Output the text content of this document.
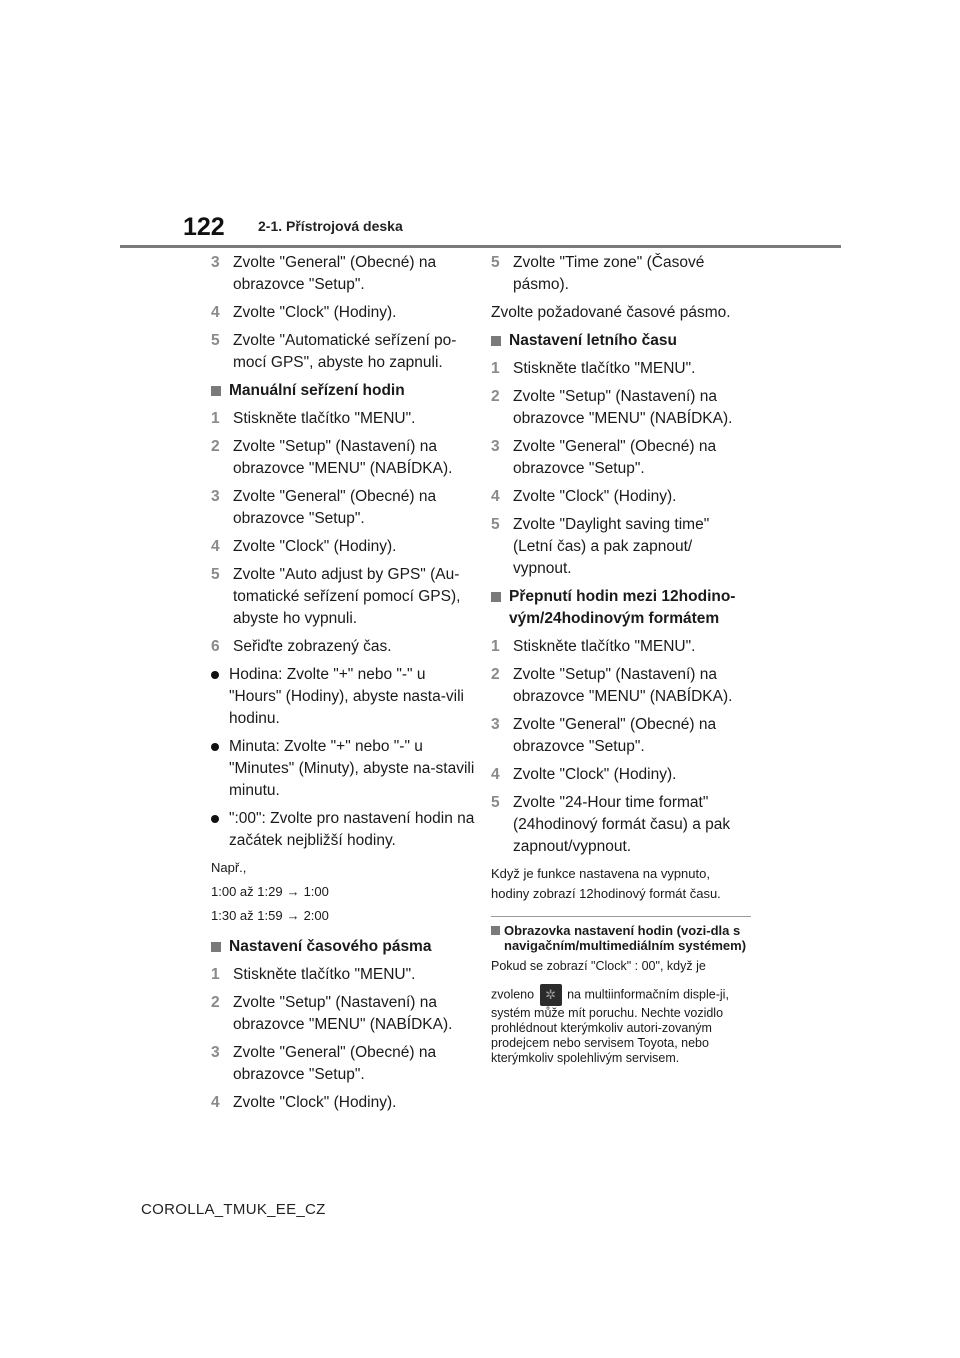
122 2-1. Přístrojová deska
3 Zvolte "General" (Obecné) na obrazovce "Setup".
4 Zvolte "Clock" (Hodiny).
5 Zvolte "Automatické seřízení po-mocí GPS", abyste ho zapnuli.
Manuální seřízení hodin
1 Stiskněte tlačítko "MENU".
2 Zvolte "Setup" (Nastavení) na obrazovce "MENU" (NABÍDKA).
3 Zvolte "General" (Obecné) na obrazovce "Setup".
4 Zvolte "Clock" (Hodiny).
5 Zvolte "Auto adjust by GPS" (Au-tomatické seřízení pomocí GPS), abyste ho vypnuli.
6 Seřiďte zobrazený čas.
Hodina: Zvolte "+" nebo "-" u "Hours" (Hodiny), abyste nasta-vili hodinu.
Minuta: Zvolte "+" nebo "-" u "Minutes" (Minuty), abyste na-stavili minutu.
":00": Zvolte pro nastavení hodin na začátek nejbližší hodiny.
Např.,
1:00 až 1:29 → 1:00
1:30 až 1:59 → 2:00
Nastavení časového pásma
1 Stiskněte tlačítko "MENU".
2 Zvolte "Setup" (Nastavení) na obrazovce "MENU" (NABÍDKA).
3 Zvolte "General" (Obecné) na obrazovce "Setup".
4 Zvolte "Clock" (Hodiny).
5 Zvolte "Time zone" (Časové pásmo).
Zvolte požadované časové pásmo.
Nastavení letního času
1 Stiskněte tlačítko "MENU".
2 Zvolte "Setup" (Nastavení) na obrazovce "MENU" (NABÍDKA).
3 Zvolte "General" (Obecné) na obrazovce "Setup".
4 Zvolte "Clock" (Hodiny).
5 Zvolte "Daylight saving time" (Letní čas) a pak zapnout/ vypnout.
Přepnutí hodin mezi 12hodino-vým/24hodinovým formátem
1 Stiskněte tlačítko "MENU".
2 Zvolte "Setup" (Nastavení) na obrazovce "MENU" (NABÍDKA).
3 Zvolte "General" (Obecné) na obrazovce "Setup".
4 Zvolte "Clock" (Hodiny).
5 Zvolte "24-Hour time format" (24hodinový formát času) a pak zapnout/vypnout.
Když je funkce nastavena na vypnuto, hodiny zobrazí 12hodinový formát času.
Obrazovka nastavení hodin (vozi-dla s navigačním/multimediálním systémem)
Pokud se zobrazí "Clock" : 00", když je
zvoleno ✲ na multiinformačním disple-ji, systém může mít poruchu. Nechte vozidlo prohlédnout kterýmkoliv autori-zovaným prodejcem nebo servisem Toyota, nebo kterýmkoliv spolehlivým servisem.
COROLLA_TMUK_EE_CZ
